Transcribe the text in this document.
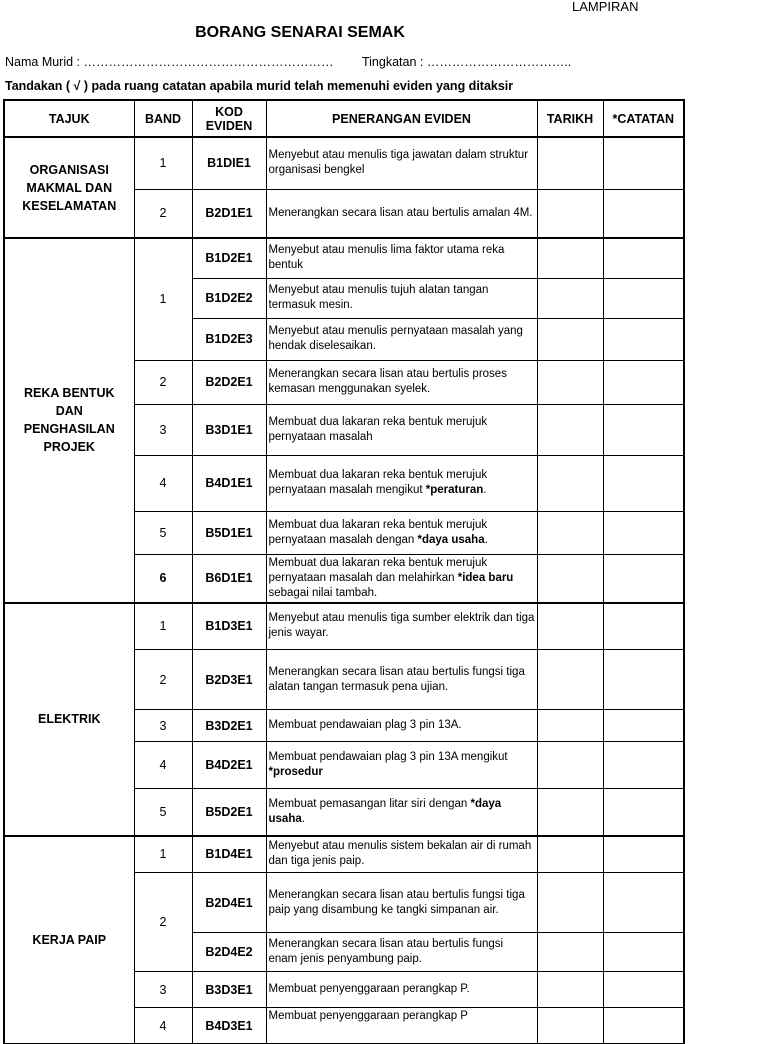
LAMPIRAN
BORANG SENARAI SEMAK
Nama Murid : …………………………………………………… Tingkatan : ……………………………..
Tandakan ( √ ) pada ruang catatan apabila murid telah memenuhi eviden yang ditaksir
TAJUK	BAND	KOD EVIDEN	PENERANGAN EVIDEN	TARIKH	*CATATAN
ORGANISASI MAKMAL DAN KESELAMATAN	1	B1DIE1	Menyebut atau menulis tiga jawatan dalam struktur organisasi bengkel		
	2	B2D1E1	Menerangkan secara lisan atau bertulis amalan 4M.		
REKA BENTUK DAN PENGHASILAN PROJEK	1	B1D2E1	Menyebut atau menulis lima faktor utama reka bentuk		
		B1D2E2	Menyebut atau menulis tujuh alatan tangan termasuk mesin.		
		B1D2E3	Menyebut atau menulis pernyataan masalah yang hendak diselesaikan.		
	2	B2D2E1	Menerangkan secara lisan atau bertulis proses kemasan menggunakan syelek.		
	3	B3D1E1	Membuat dua lakaran reka bentuk merujuk pernyataan masalah		
	4	B4D1E1	Membuat dua lakaran reka bentuk merujuk pernyataan masalah mengikut *peraturan.		
	5	B5D1E1	Membuat dua lakaran reka bentuk merujuk pernyataan masalah dengan *daya usaha.		
	6	B6D1E1	Membuat dua lakaran reka bentuk merujuk pernyataan masalah dan melahirkan *idea baru sebagai nilai tambah.		
ELEKTRIK	1	B1D3E1	Menyebut atau menulis tiga sumber elektrik dan tiga jenis wayar.		
	2	B2D3E1	Menerangkan secara lisan atau bertulis fungsi tiga alatan tangan termasuk pena ujian.		
	3	B3D2E1	Membuat pendawaian plag 3 pin 13A.		
	4	B4D2E1	Membuat pendawaian plag 3 pin 13A mengikut *prosedur		
	5	B5D2E1	Membuat pemasangan litar siri dengan *daya usaha.		
KERJA PAIP	1	B1D4E1	Menyebut atau menulis sistem bekalan air di rumah dan tiga jenis paip.		
	2	B2D4E1	Menerangkan secara lisan atau bertulis fungsi tiga paip yang disambung ke tangki simpanan air.		
		B2D4E2	Menerangkan secara lisan atau bertulis fungsi enam jenis penyambung paip.		
	3	B3D3E1	Membuat penyenggaraan perangkap P.		
	4	B4D3E1	Membuat penyenggaraan perangkap P		
